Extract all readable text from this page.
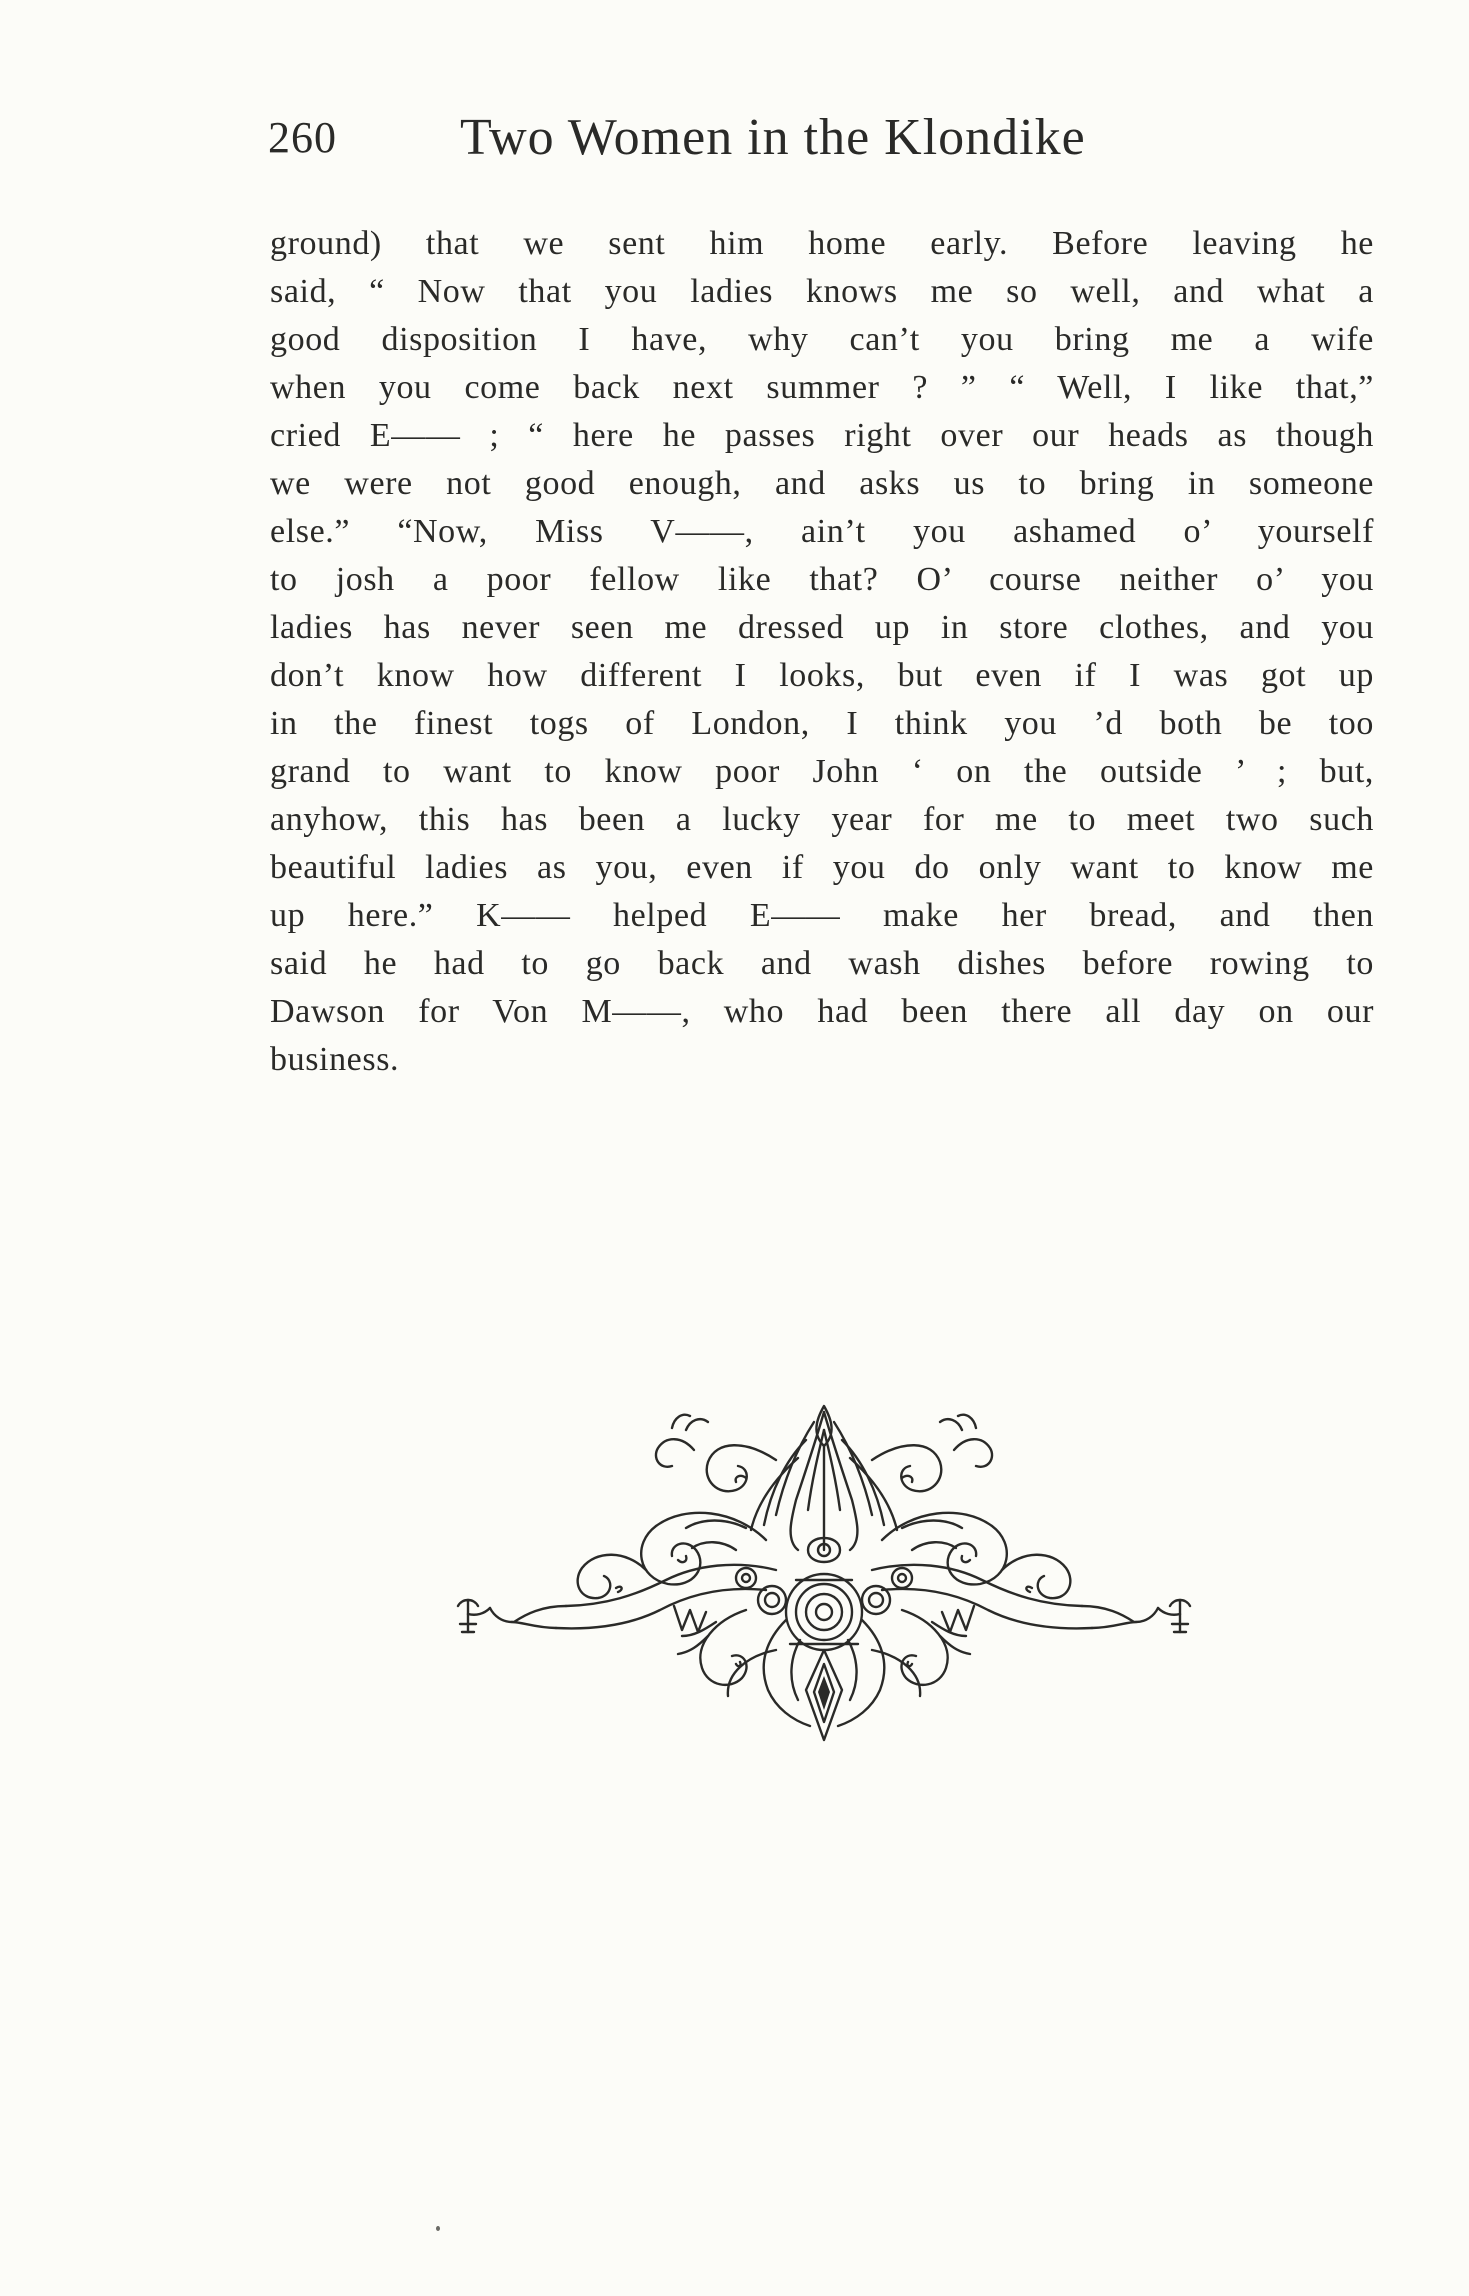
260 Two Women in the Klondike
ground) that we sent him home early. Before leaving he
said, “ Now that you ladies knows me so well, and what a
good disposition I have, why can’t you bring me a wife
when you come back next summer ? ” “ Well, I like that,”
cried E—— ; “ here he passes right over our heads as though
we were not good enough, and asks us to bring in someone
else.” “Now, Miss V——, ain’t you ashamed o’ yourself
to josh a poor fellow like that? O’ course neither o’ you
ladies has never seen me dressed up in store clothes, and you
don’t know how different I looks, but even if I was got up
in the finest togs of London, I think you ’d both be too
grand to want to know poor John ‘ on the outside ’ ; but,
anyhow, this has been a lucky year for me to meet two such
beautiful ladies as you, even if you do only want to know me
up here.” K—— helped E—— make her bread, and then
said he had to go back and wash dishes before rowing to
Dawson for Von M——, who had been there all day on our
business.
